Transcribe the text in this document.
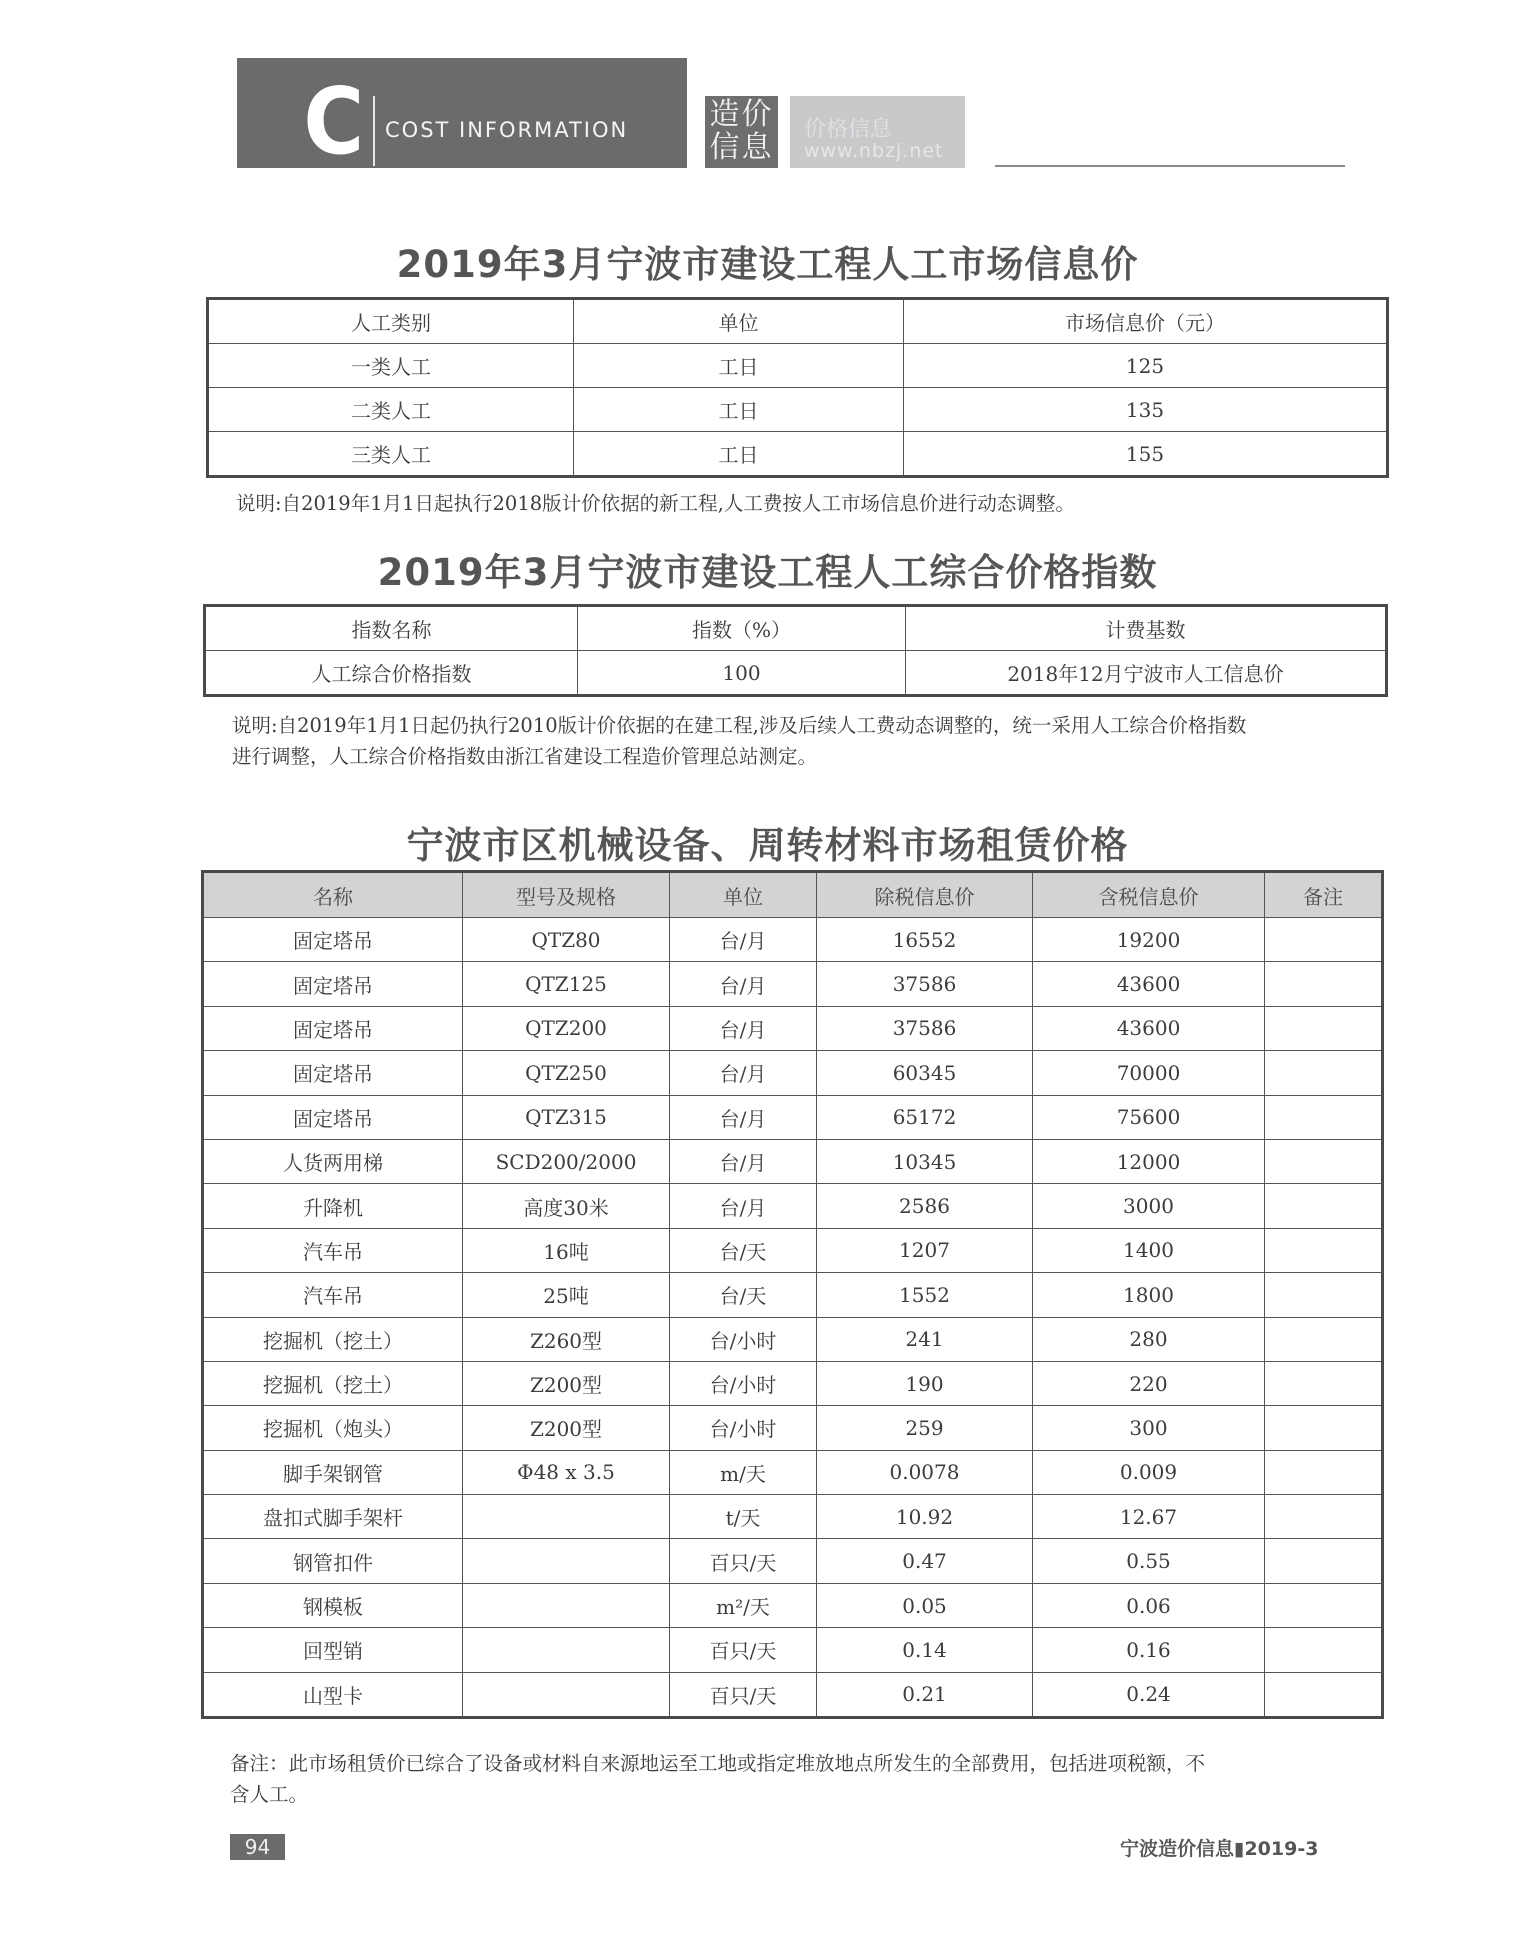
C COST INFORMATION	造价
信息
价格信息
www.nbzj.net
2019年3月宁波市建设工程人工市场信息价
人工类别	单位	市场信息价（元）
一类人工	工日	125
二类人工	工日	135
三类人工	工日	155
说明:自2019年1月1日起执行2018版计价依据的新工程,人工费按人工市场信息价进行动态调整。
2019年3月宁波市建设工程人工综合价格指数
指数名称	指数（%）	计费基数
人工综合价格指数	100	2018年12月宁波市人工信息价
说明:自2019年1月1日起仍执行2010版计价依据的在建工程,涉及后续人工费动态调整的，统一采用人工综合价格指数
进行调整，人工综合价格指数由浙江省建设工程造价管理总站测定。
宁波市区机械设备、周转材料市场租赁价格
名称	型号及规格	单位	除税信息价	含税信息价	备注
固定塔吊	QTZ80	台/月	16552	19200	
固定塔吊	QTZ125	台/月	37586	43600	
固定塔吊	QTZ200	台/月	37586	43600	
固定塔吊	QTZ250	台/月	60345	70000	
固定塔吊	QTZ315	台/月	65172	75600	
人货两用梯	SCD200/2000	台/月	10345	12000	
升降机	高度30米	台/月	2586	3000	
汽车吊	16吨	台/天	1207	1400	
汽车吊	25吨	台/天	1552	1800	
挖掘机（挖土）	Z260型	台/小时	241	280	
挖掘机（挖土）	Z200型	台/小时	190	220	
挖掘机（炮头）	Z200型	台/小时	259	300	
脚手架钢管	Φ48 x 3.5	m/天	0.0078	0.009	
盘扣式脚手架杆		t/天	10.92	12.67	
钢管扣件		百只/天	0.47	0.55	
钢模板		m²/天	0.05	0.06	
回型销		百只/天	0.14	0.16	
山型卡		百只/天	0.21	0.24	
备注：此市场租赁价已综合了设备或材料自来源地运至工地或指定堆放地点所发生的全部费用，包括进项税额，不
含人工。
94	宁波造价信息▮2019-3
